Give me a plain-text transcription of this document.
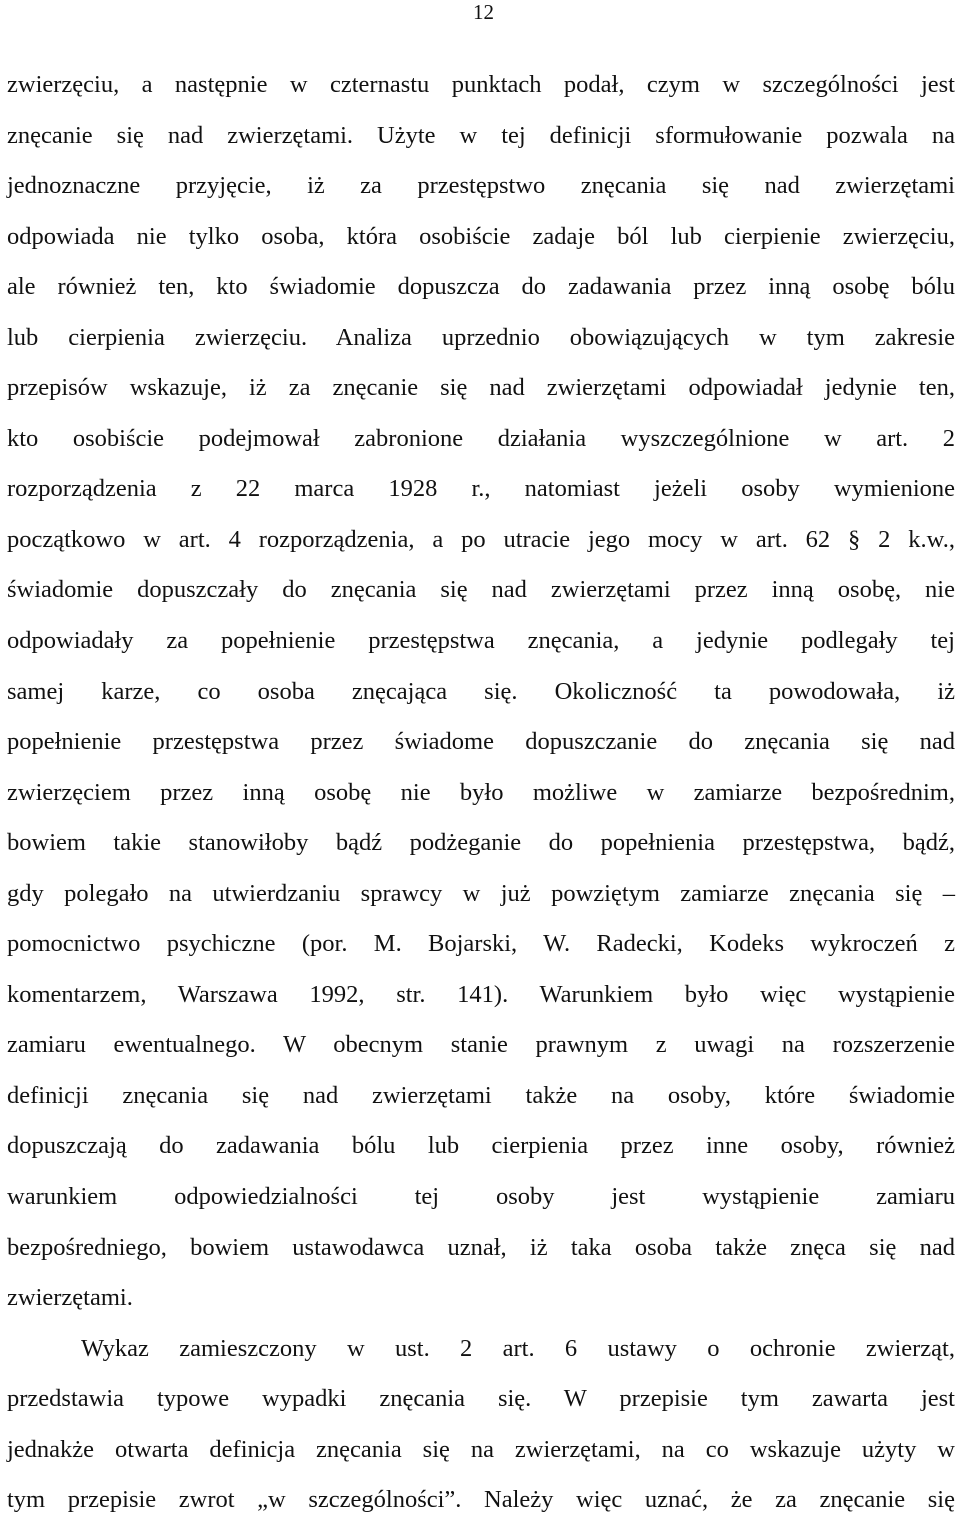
12
zwierzęciu, a następnie w czternastu punktach podał, czym w szczególności jest
znęcanie się nad zwierzętami. Użyte w tej definicji sformułowanie pozwala na
jednoznaczne przyjęcie, iż za przestępstwo znęcania się nad zwierzętami
odpowiada nie tylko osoba, która osobiście zadaje ból lub cierpienie zwierzęciu,
ale również ten, kto świadomie dopuszcza do zadawania przez inną osobę bólu
lub cierpienia zwierzęciu. Analiza uprzednio obowiązujących w tym zakresie
przepisów wskazuje, iż za znęcanie się nad zwierzętami odpowiadał jedynie ten,
kto osobiście podejmował zabronione działania wyszczególnione w art. 2
rozporządzenia z 22 marca 1928 r., natomiast jeżeli osoby wymienione
początkowo w art. 4 rozporządzenia, a po utracie jego mocy w art. 62 § 2 k.w.,
świadomie dopuszczały do znęcania się nad zwierzętami przez inną osobę, nie
odpowiadały za popełnienie przestępstwa znęcania, a jedynie podlegały tej
samej karze, co osoba znęcająca się. Okoliczność ta powodowała, iż
popełnienie przestępstwa przez świadome dopuszczanie do znęcania się nad
zwierzęciem przez inną osobę nie było możliwe w zamiarze bezpośrednim,
bowiem takie stanowiłoby bądź podżeganie do popełnienia przestępstwa, bądź,
gdy polegało na utwierdzaniu sprawcy w już powziętym zamiarze znęcania się –
pomocnictwo psychiczne (por. M. Bojarski, W. Radecki, Kodeks wykroczeń z
komentarzem, Warszawa 1992, str. 141). Warunkiem było więc wystąpienie
zamiaru ewentualnego. W obecnym stanie prawnym z uwagi na rozszerzenie
definicji znęcania się nad zwierzętami także na osoby, które świadomie
dopuszczają do zadawania bólu lub cierpienia przez inne osoby, również
warunkiem odpowiedzialności tej osoby jest wystąpienie zamiaru
bezpośredniego, bowiem ustawodawca uznał, iż taka osoba także znęca się nad
zwierzętami.
Wykaz zamieszczony w ust. 2 art. 6 ustawy o ochronie zwierząt,
przedstawia typowe wypadki znęcania się. W przepisie tym zawarta jest
jednakże otwarta definicja znęcania się na zwierzętami, na co wskazuje użyty w
tym przepisie zwrot „w szczególności”. Należy więc uznać, że za znęcanie się
